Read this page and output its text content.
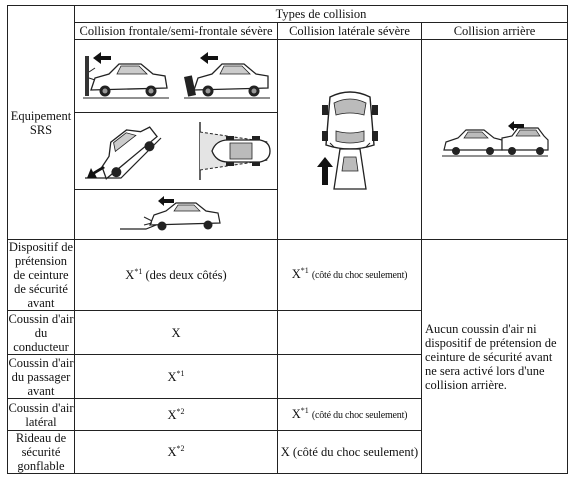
Equipement SRS	Types de collision		
	Collision frontale/semi-frontale sévère	Collision latérale sévère	Collision arrière

Dispositif de prétension de ceinture de sécurité avant	$X^{*1}$ (des deux côtés)	$X^{*1}$ (côté du choc seulement)	Aucun coussin d'air ni dispositif de prétension de ceinture de sécurité avant ne sera activé lors d'une collision arrière.
Coussin d'air du conducteur	X		
Coussin d'air du passager avant	$X^{*1}$	
Coussin d'air latéral	$X^{*2}$	$X^{*1}$ (côté du choc seulement)	
Rideau de sécurité gonflable	$X^{*2}$	X (côté du choc seulement)	
